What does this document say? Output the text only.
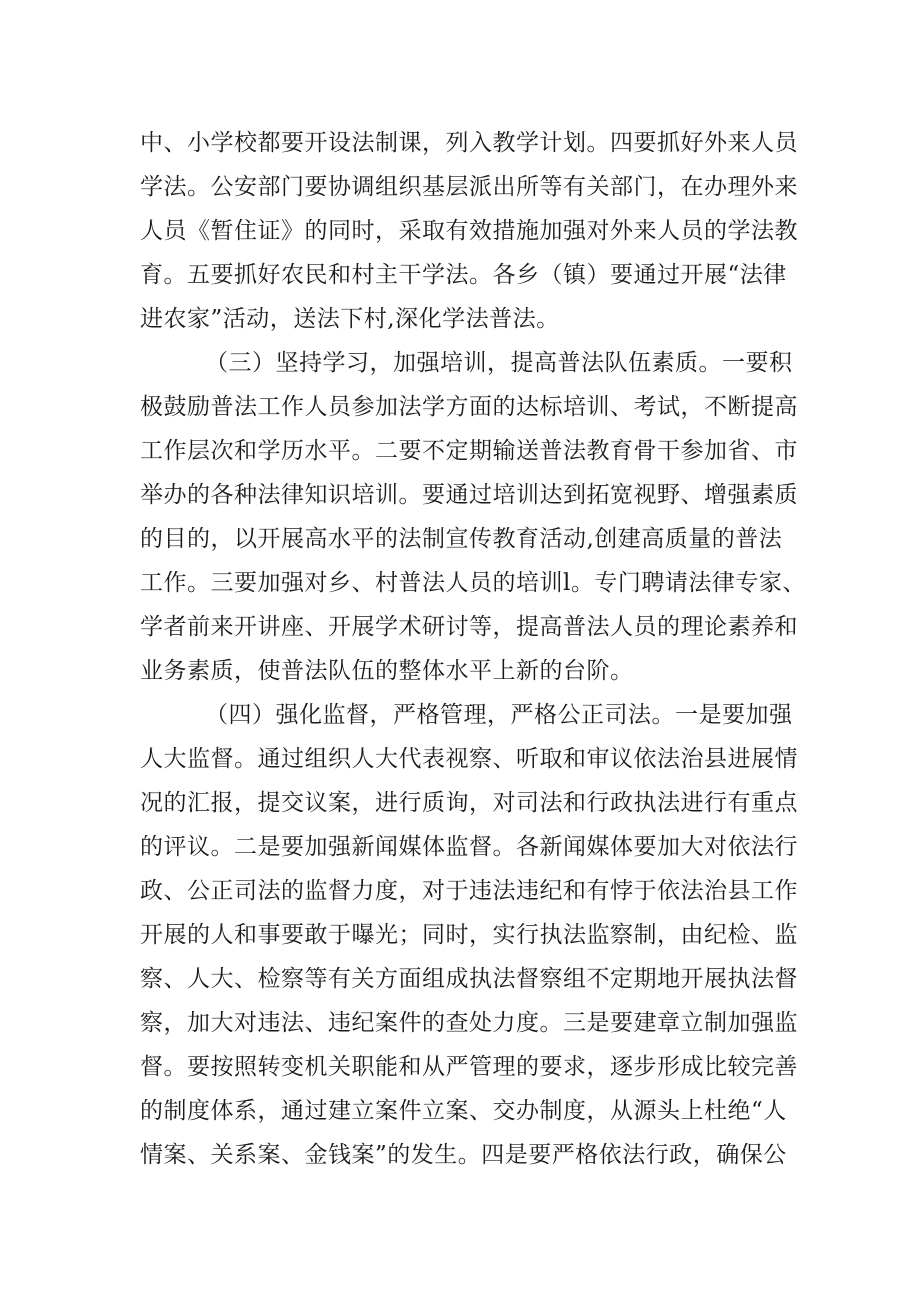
中、小学校都要开设法制课，列入教学计划。四要抓好外来人员
学法。公安部门要协调组织基层派出所等有关部门，在办理外来
人员《暂住证》的同时，采取有效措施加强对外来人员的学法教
育。五要抓好农民和村主干学法。各乡（镇）要通过开展“法律
进农家”活动，送法下村,深化学法普法。
（三）坚持学习，加强培训，提高普法队伍素质。一要积
极鼓励普法工作人员参加法学方面的达标培训、考试，不断提高
工作层次和学历水平。二要不定期输送普法教育骨干参加省、市
举办的各种法律知识培训。要通过培训达到拓宽视野、增强素质
的目的，以开展高水平的法制宣传教育活动,创建高质量的普法
工作。三要加强对乡、村普法人员的培训l。专门聘请法律专家、
学者前来开讲座、开展学术研讨等，提高普法人员的理论素养和
业务素质，使普法队伍的整体水平上新的台阶。
（四）强化监督，严格管理，严格公正司法。一是要加强
人大监督。通过组织人大代表视察、听取和审议依法治县进展情
况的汇报，提交议案，进行质询，对司法和行政执法进行有重点
的评议。二是要加强新闻媒体监督。各新闻媒体要加大对依法行
政、公正司法的监督力度，对于违法违纪和有悖于依法治县工作
开展的人和事要敢于曝光；同时，实行执法监察制，由纪检、监
察、人大、检察等有关方面组成执法督察组不定期地开展执法督
察，加大对违法、违纪案件的查处力度。三是要建章立制加强监
督。要按照转变机关职能和从严管理的要求，逐步形成比较完善
的制度体系，通过建立案件立案、交办制度，从源头上杜绝“人
情案、关系案、金钱案”的发生。四是要严格依法行政，确保公
